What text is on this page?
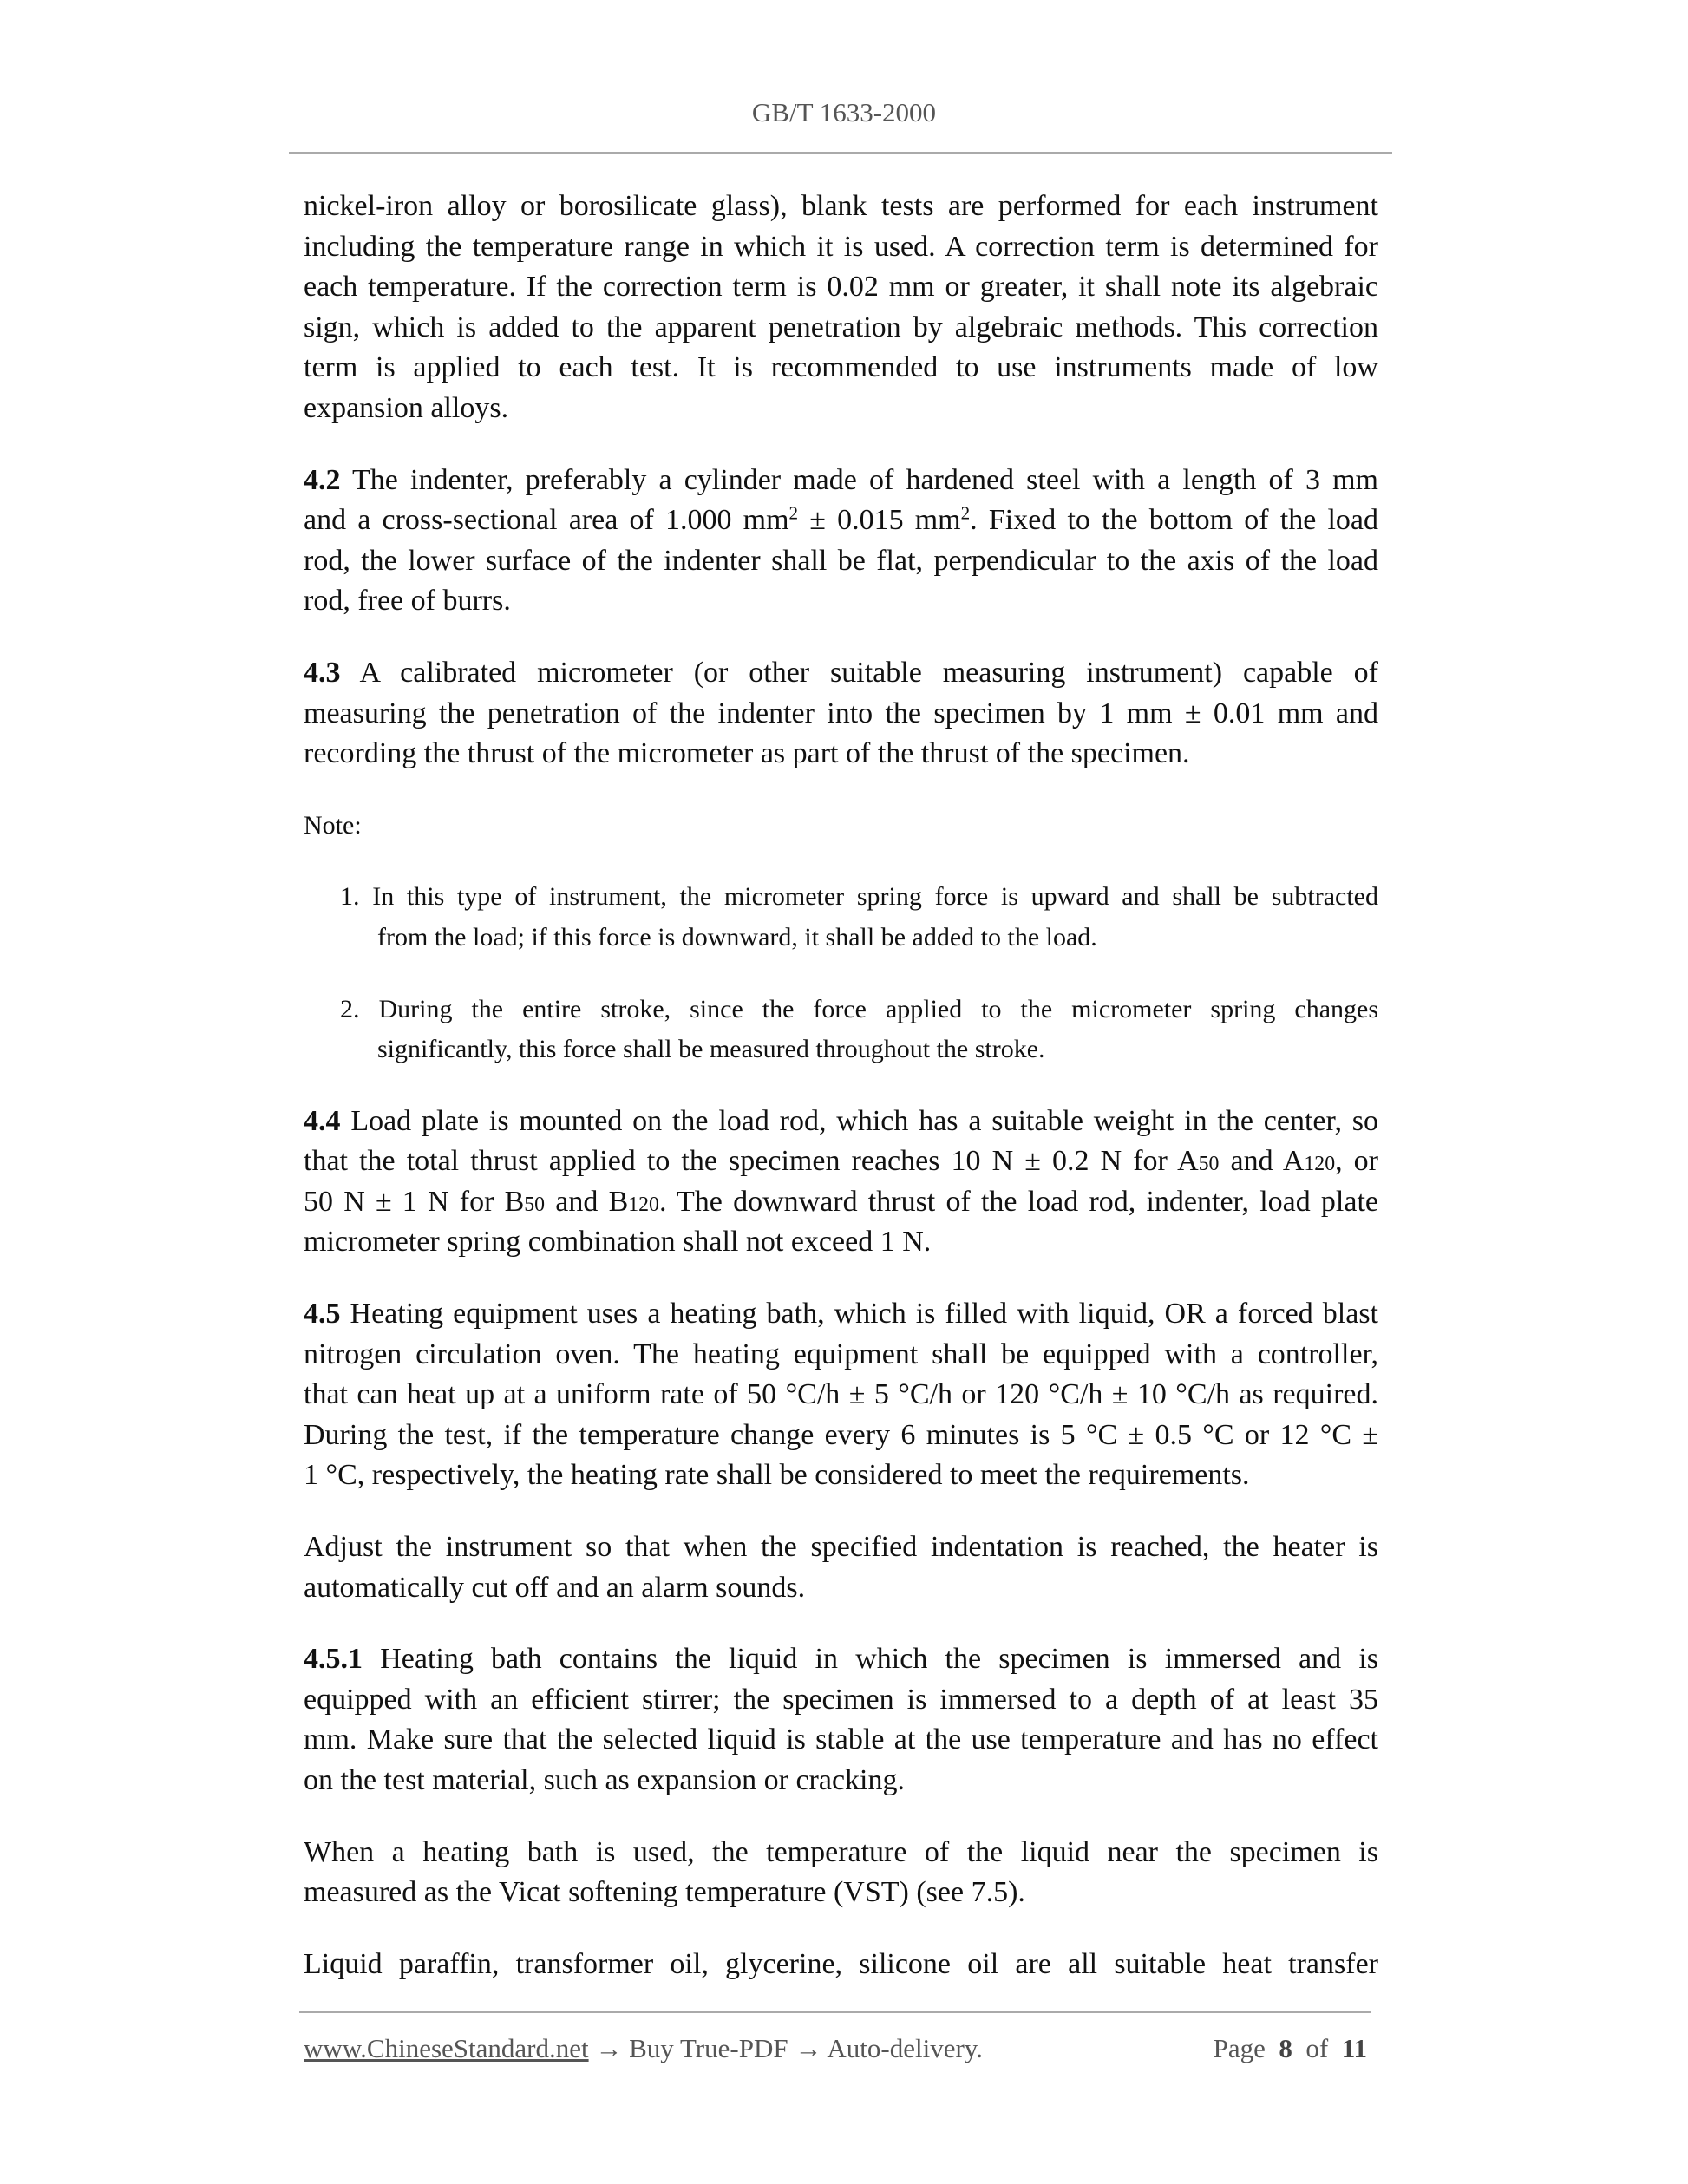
GB/T 1633-2000
nickel-iron alloy or borosilicate glass), blank tests are performed for each instrument
including the temperature range in which it is used. A correction term is determined for
each temperature. If the correction term is 0.02 mm or greater, it shall note its algebraic
sign, which is added to the apparent penetration by algebraic methods. This correction
term is applied to each test. It is recommended to use instruments made of low
expansion alloys.
4.2 The indenter, preferably a cylinder made of hardened steel with a length of 3 mm
and a cross-sectional area of 1.000 $mm^2 \pm 0.015$ $mm^2$. Fixed to the bottom of the load
rod, the lower surface of the indenter shall be flat, perpendicular to the axis of the load
rod, free of burrs.
4.3 A calibrated micrometer (or other suitable measuring instrument) capable of
measuring the penetration of the indenter into the specimen by 1 mm ± 0.01 mm and
recording the thrust of the micrometer as part of the thrust of the specimen.
Note:
1. In this type of instrument, the micrometer spring force is upward and shall be subtracted
from the load; if this force is downward, it shall be added to the load.
2. During the entire stroke, since the force applied to the micrometer spring changes
significantly, this force shall be measured throughout the stroke.
4.4 Load plate is mounted on the load rod, which has a suitable weight in the center, so
that the total thrust applied to the specimen reaches 10 N ± 0.2 N for A50 and A120, or
50 N ± 1 N for B50 and B120. The downward thrust of the load rod, indenter, load plate
micrometer spring combination shall not exceed 1 N.
4.5 Heating equipment uses a heating bath, which is filled with liquid, OR a forced blast
nitrogen circulation oven. The heating equipment shall be equipped with a controller,
that can heat up at a uniform rate of 50 °C/h ± 5 °C/h or 120 °C/h ± 10 °C/h as required.
During the test, if the temperature change every 6 minutes is 5 °C ± 0.5 °C or 12 °C ±
1 °C, respectively, the heating rate shall be considered to meet the requirements.
Adjust the instrument so that when the specified indentation is reached, the heater is
automatically cut off and an alarm sounds.
4.5.1 Heating bath contains the liquid in which the specimen is immersed and is
equipped with an efficient stirrer; the specimen is immersed to a depth of at least 35
mm. Make sure that the selected liquid is stable at the use temperature and has no effect
on the test material, such as expansion or cracking.
When a heating bath is used, the temperature of the liquid near the specimen is
measured as the Vicat softening temperature (VST) (see 7.5).
Liquid paraffin, transformer oil, glycerine, silicone oil are all suitable heat transfer
www.ChineseStandard.net → Buy True-PDF → Auto-delivery.	Page 8 of 11
